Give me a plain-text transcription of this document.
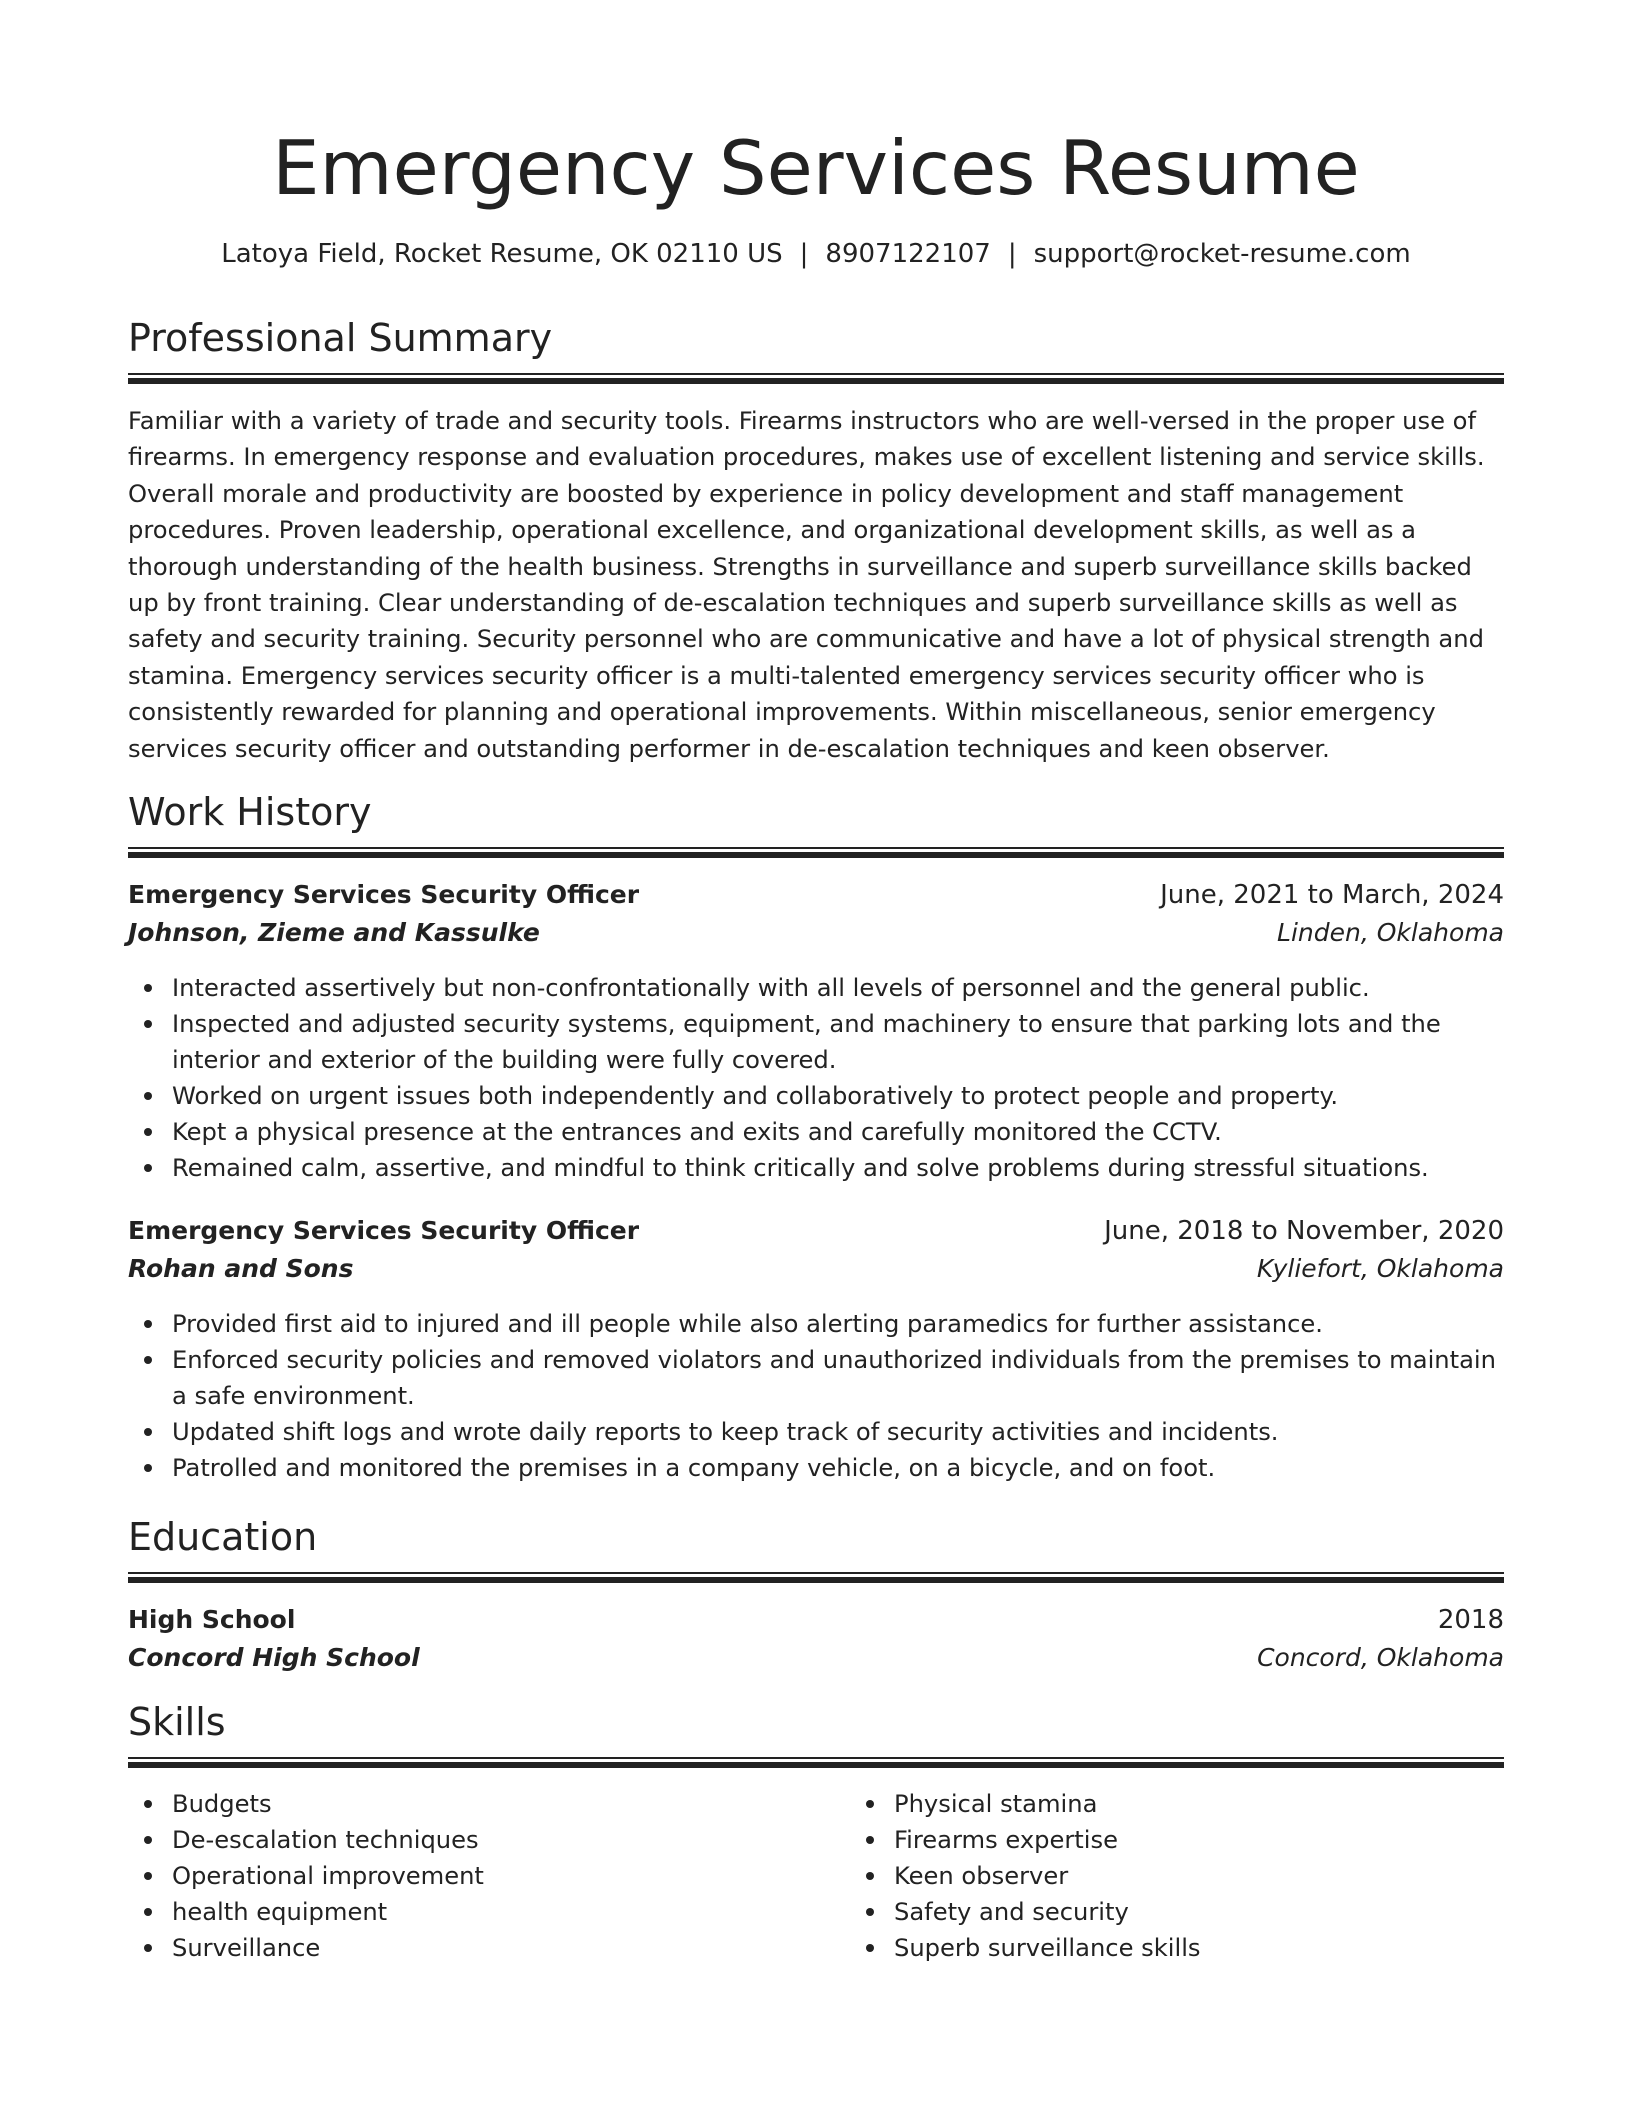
Emergency Services Resume
Latoya Field, Rocket Resume, OK 02110 US | 8907122107 | support@rocket-resume.com
Professional Summary

Familiar with a variety of trade and security tools. Firearms instructors who are well-versed in the proper use of firearms. In emergency response and evaluation procedures, makes use of excellent listening and service skills. Overall morale and productivity are boosted by experience in policy development and staff management procedures. Proven leadership, operational excellence, and organizational development skills, as well as a thorough understanding of the health business. Strengths in surveillance and superb surveillance skills backed up by front training. Clear understanding of de-escalation techniques and superb surveillance skills as well as safety and security training. Security personnel who are communicative and have a lot of physical strength and stamina. Emergency services security officer is a multi-talented emergency services security officer who is consistently rewarded for planning and operational improvements. Within miscellaneous, senior emergency services security officer and outstanding performer in de-escalation techniques and keen observer.

Work History
Emergency Services Security Officer	June, 2021 to March, 2024
Johnson, Zieme and Kassulke	Linden, Oklahoma
Interacted assertively but non-confrontationally with all levels of personnel and the general public.
Inspected and adjusted security systems, equipment, and machinery to ensure that parking lots and the interior and exterior of the building were fully covered.
Worked on urgent issues both independently and collaboratively to protect people and property.
Kept a physical presence at the entrances and exits and carefully monitored the CCTV.
Remained calm, assertive, and mindful to think critically and solve problems during stressful situations.
Emergency Services Security Officer	June, 2018 to November, 2020
Rohan and Sons	Kyliefort, Oklahoma
Provided first aid to injured and ill people while also alerting paramedics for further assistance.
Enforced security policies and removed violators and unauthorized individuals from the premises to maintain a safe environment.
Updated shift logs and wrote daily reports to keep track of security activities and incidents.
Patrolled and monitored the premises in a company vehicle, on a bicycle, and on foot.
Education
High School	2018
Concord High School	Concord, Oklahoma
Skills
Budgets
De-escalation techniques
Operational improvement
health equipment
Surveillance
Physical stamina
Firearms expertise
Keen observer
Safety and security
Superb surveillance skills
